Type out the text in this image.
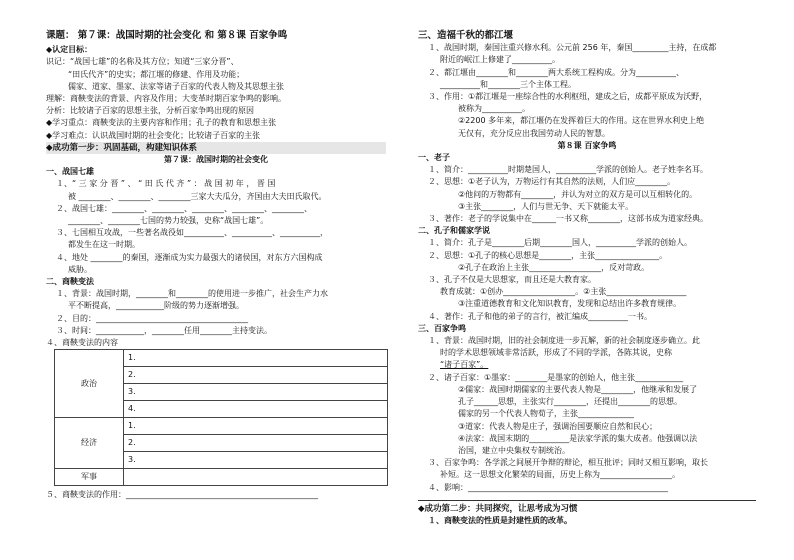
课题： 第７课：战国时期的社会变化 和 第８课 百家争鸣
◆认定目标：
识记：“战国七雄”的名称及其方位；知道“三家分晋”、
“田氏代齐”的史实；都江堰的修建、作用及功能；
儒家、道家、墨家、法家等诸子百家的代表人物及其思想主张
理解：商鞅变法的背景、内容及作用；大变革时期百家争鸣的影响。
分析：比较诸子百家的思想主张，分析百家争鸣出现的原因
◆学习重点：商鞅变法的主要内容和作用；孔子的教育和思想主张
◆学习难点：认识战国时期的社会变化；比较诸子百家的主张
◆成功第一步：巩固基础，构建知识体系
第７课：战国时期的社会变化
一、战国七雄
１、“ 三 家 分 晋 ” 、 “ 田 氏 代 齐 ” ： 战 国 初 年 ， 晋 国
被 ________、________、________三家大夫瓜分，齐国由大夫田氏取代。
２、战国七雄：________、________、________、________、________、
________、________七国的势力较强，史称“战国七雄”。
３、七国相互攻战，一些著名战役如__________、__________、__________，
都发生在这一时期。
４、地处 ________的秦国，逐渐成为实力最强大的诸侯国，对东方六国构成
威胁。
二、商鞅变法
１、背景：战国时期，________和________的使用进一步推广，社会生产力水
平不断提高，____________阶级的势力逐渐增强。
２、目的：______________________________________
３、时间：____________，________任用________主持变法。
４、商鞅变法的内容
政治	1.
	2.
	3.
	4.
经济	1.
	2.
	3.
军事	
５、商鞅变法的作用：________________________________________________
三、造福千秋的都江堰
１、战国时期，秦国注重兴修水利。公元前 256 年，秦国_________主持，在成都
附近的岷江上修建了__________。
２、都江堰由________和________两大系统工程构成。分为__________、
__________和________三个主体工程。
３、作用：①都江堰是一座综合性的水利枢纽，建成之后，成都平原成为沃野，
被称为__________。
②2200 多年来，都江堰仍在发挥着巨大的作用。这在世界水利史上绝
无仅有，充分反应出我国劳动人民的智慧。
第８课 百家争鸣
一、老子
１、简介：__________时期楚国人，__________学派的创始人。老子姓李名耳。
２、思想：①老子认为，万物运行有其自然的法则，人们应________。
②他问的万物都有________，并认为对立的双方是可以互相转化的。
③主张________，人们与世无争、天下就能太平。
３、著作：老子的学说集中在______一书又称________，这部书成为道家经典。
二、孔子和儒家学说
１、简介：孔子是________后期________国人，__________学派的创始人。
２、思想：①孔子的核心思想是________，主张________________。
②孔子在政治上主张__________________，反对苛政。
３、孔子不仅是大思想家，而且还是大教育家。
教育成就：①创办__________________。②主张____________________
③注重道德教育和文化知识教育，发现和总结出许多教育规律。
４、著作：孔子和他的弟子的言行，被汇编成__________一书。
三、百家争鸣
１、背景：战国时期，旧的社会制度进一步瓦解，新的社会制度逐步确立。此
时的学术思想领域非常活跃，形成了不同的学派，各陈其说，史称
“诸子百家”。
２、诸子百家：①墨家：________是墨家的创始人，他主张____________
②儒家：战国时期儒家的主要代表人物是________，他继承和发展了
孔子______思想，主张实行________，还提出________的思想。
儒家的另一个代表人物荀子，主张______________
③道家：代表人物是庄子，强调治国要顺应自然和民心；
④法家：战国末期的__________是法家学派的集大成者。他强调以法
治国，建立中央集权专制统治。
３、百家争鸣：各学派之间展开争辩的辩论，相互批评；同时又相互影响，取长
补短。这一思想文化繁荣的局面，历史上称为__________________。
４、影响：__________________________________________________
◆成功第二步：共同探究，让思考成为习惯
１、商鞅变法的性质是封建性质的改革。
